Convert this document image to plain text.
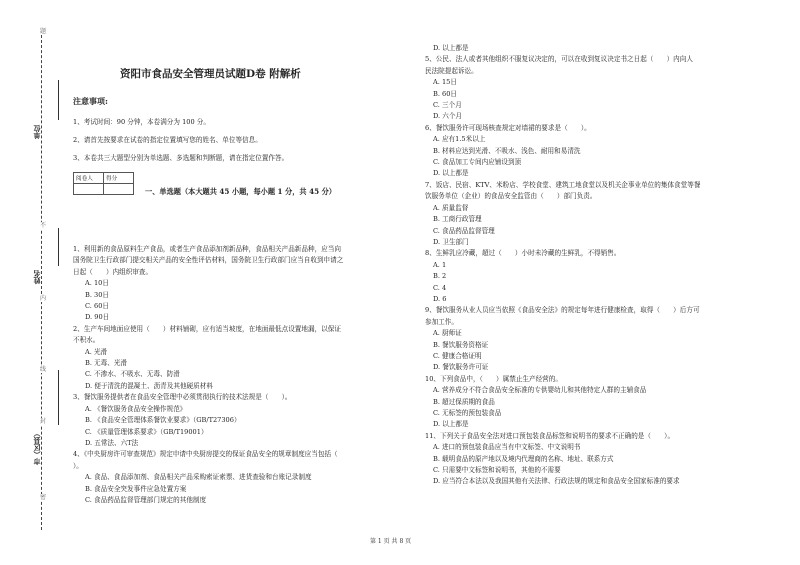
单位
姓名
市（区县）
题
不
内
线
封
密
资阳市食品安全管理员试题D卷 附解析
注意事项:
1、考试时间：90 分钟，本卷满分为 100 分。
2、请首先按要求在试卷的指定位置填写您的姓名、单位等信息。
3、本卷共三大题型分别为单选题、多选题和判断题，请在指定位置作答。
阅卷人	得分

一、单选题（本大题共 45 小题，每小题 1 分，共 45 分）
1、利用新的食品原料生产食品，或者生产食品添加剂新品种，食品相关产品新品种，应当向
国务院卫生行政部门提交相关产品的安全性评估材料，国务院卫生行政部门应当自收到申请之
日起（　　）内组织审查。
A. 10日
B. 30日
C. 60日
D. 90日
2、生产车间地面应使用（　　）材料铺砌，应有适当坡度，在地面最低点设置地漏，以保证
不积水。
A. 光滑
B. 无毒、光滑
C. 不渗水、不吸水、无毒、防滑
D. 便于清洗的混凝土、沥青及其他硬质材料
3、餐饮服务提供者在食品安全管理中必须贯彻执行的技术法规是（　　）。
A. 《餐饮服务食品安全操作规范》
B. 《食品安全管理体系餐饮业要求》（GB/T27306）
C. 《质量管理体系要求》（GB/T19001）
D. 五常法、六T法
4、《中央厨房许可审查规范》规定申请中央厨房提交的保证食品安全的规章制度应当包括（
）。
A. 食品、食品添加剂、食品相关产品采购索证索票、进货查验和台账记录制度
B. 食品安全突发事件应急处置方案
C. 食品药品监督管理部门规定的其他制度
D. 以上都是
5、公民、法人或者其他组织不服复议决定的，可以在收到复议决定书之日起（　　）内向人
民法院提起诉讼。
A. 15日
B. 60日
C. 三个月
D. 六个月
6、餐饮服务许可现场核查规定对墙裙的要求是（　　）。
A. 应有1.5米以上
B. 材料应达到光滑、不吸水、浅色、耐用和易清洗
C. 食品加工专间内应铺设到顶
D. 以上都是
7、饭店、民宿、KTV、米粉店、学校食堂、建筑工地食堂以及机关企事业单位的集体食堂等餐
饮服务单位（企业）的食品安全监管由（　　）部门负责。
A. 质量监督
B. 工商行政管理
C. 食品药品监督管理
D. 卫生部门
8、生鲜乳应冷藏，超过（　　）小时未冷藏的生鲜乳，不得销售。
A. 1
B. 2
C. 4
D. 6
9、餐饮服务从业人员应当依照《食品安全法》的规定每年进行健康检查，取得（　　）后方可
参加工作。
A. 厨师证
B. 餐饮服务资格证
C. 健康合格证明
D. 餐饮服务许可证
10、下列食品中，（　　）属禁止生产经营的。
A. 营养成分不符合食品安全标准的专供婴幼儿和其他特定人群的主辅食品
B. 超过保质期的食品
C. 无标签的预包装食品
D. 以上都是
11、下列关于食品安全法对进口预包装食品标签和说明书的要求不正确的是（　　）。
A. 进口的预包装食品应当有中文标签、中文说明书
B. 载明食品的原产地以及境内代理商的名称、地址、联系方式
C. 只需要中文标签和说明书，其他的不需要
D. 应当符合本法以及我国其他有关法律、行政法规的规定和食品安全国家标准的要求
第 1 页 共 8 页
